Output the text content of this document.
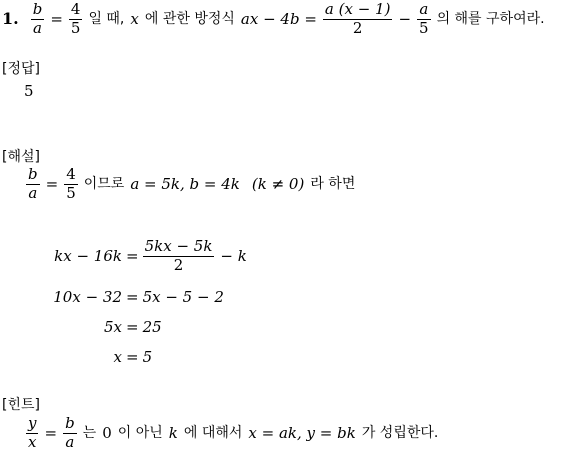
1. $\frac{b}{a} = \frac{4}{5}$ 일 때, x 에 관한 방정식 ax − $4b = \frac{a (x - 1)}{2} - \frac{a}{5}$ 의 해를 구하여라.
[정답]
5
[해설]
$\frac{b}{a} = \frac{4}{5}$ 이므로 a = 5k, b = 4k (k ≠ 0) 라 하면
kx − $16k = \frac{5kx - 5k}{2} - k$
10x − 32 = 5x − 5 − 2
5x = 25
x = 5
[힌트]
$\frac{y}{x} = \frac{b}{a}$ 는 0 이 아닌 k 에 대해서 x = ak, y = bk 가 성립한다.
